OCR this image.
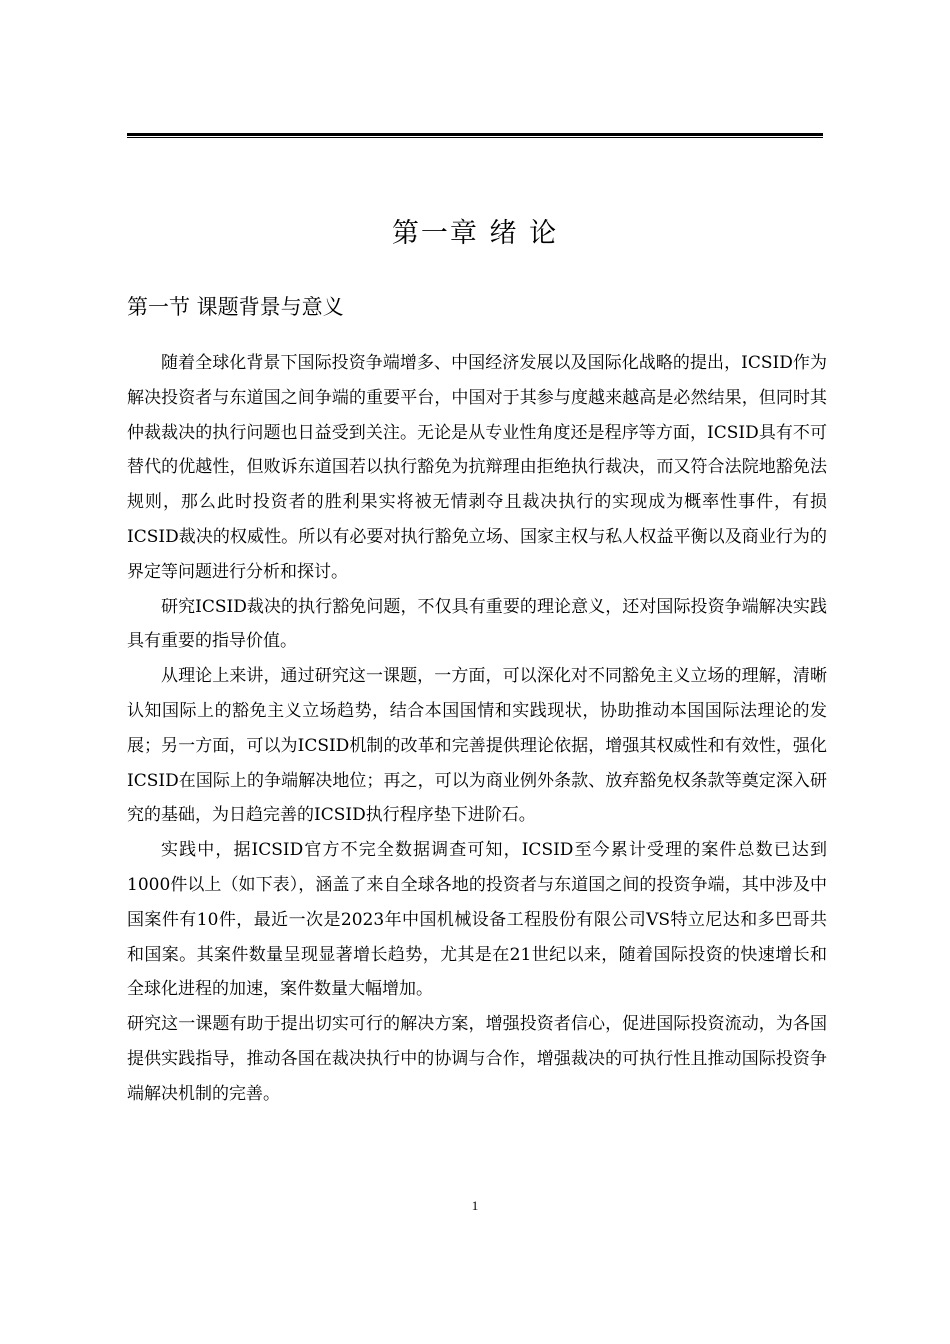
第一章 绪 论
第一节 课题背景与意义

随着全球化背景下国际投资争端增多、中国经济发展以及国际化战略的提出，ICSID作为解决投资者与东道国之间争端的重要平台，中国对于其参与度越来越高是必然结果，但同时其仲裁裁决的执行问题也日益受到关注。无论是从专业性角度还是程序等方面，ICSID具有不可替代的优越性，但败诉东道国若以执行豁免为抗辩理由拒绝执行裁决，而又符合法院地豁免法规则，那么此时投资者的胜利果实将被无情剥夺且裁决执行的实现成为概率性事件，有损ICSID裁决的权威性。所以有必要对执行豁免立场、国家主权与私人权益平衡以及商业行为的界定等问题进行分析和探讨。

研究ICSID裁决的执行豁免问题，不仅具有重要的理论意义，还对国际投资争端解决实践具有重要的指导价值。

从理论上来讲，通过研究这一课题，一方面，可以深化对不同豁免主义立场的理解，清晰认知国际上的豁免主义立场趋势，结合本国国情和实践现状，协助推动本国国际法理论的发展；另一方面，可以为ICSID机制的改革和完善提供理论依据，增强其权威性和有效性，强化ICSID在国际上的争端解决地位；再之，可以为商业例外条款、放弃豁免权条款等奠定深入研究的基础，为日趋完善的ICSID执行程序垫下进阶石。

实践中，据ICSID官方不完全数据调查可知，ICSID至今累计受理的案件总数已达到1000件以上（如下表），涵盖了来自全球各地的投资者与东道国之间的投资争端，其中涉及中国案件有10件，最近一次是2023年中国机械设备工程股份有限公司VS特立尼达和多巴哥共和国案。其案件数量呈现显著增长趋势，尤其是在21世纪以来，随着国际投资的快速增长和全球化进程的加速，案件数量大幅增加。

研究这一课题有助于提出切实可行的解决方案，增强投资者信心，促进国际投资流动，为各国提供实践指导，推动各国在裁决执行中的协调与合作，增强裁决的可执行性且推动国际投资争端解决机制的完善。

1
